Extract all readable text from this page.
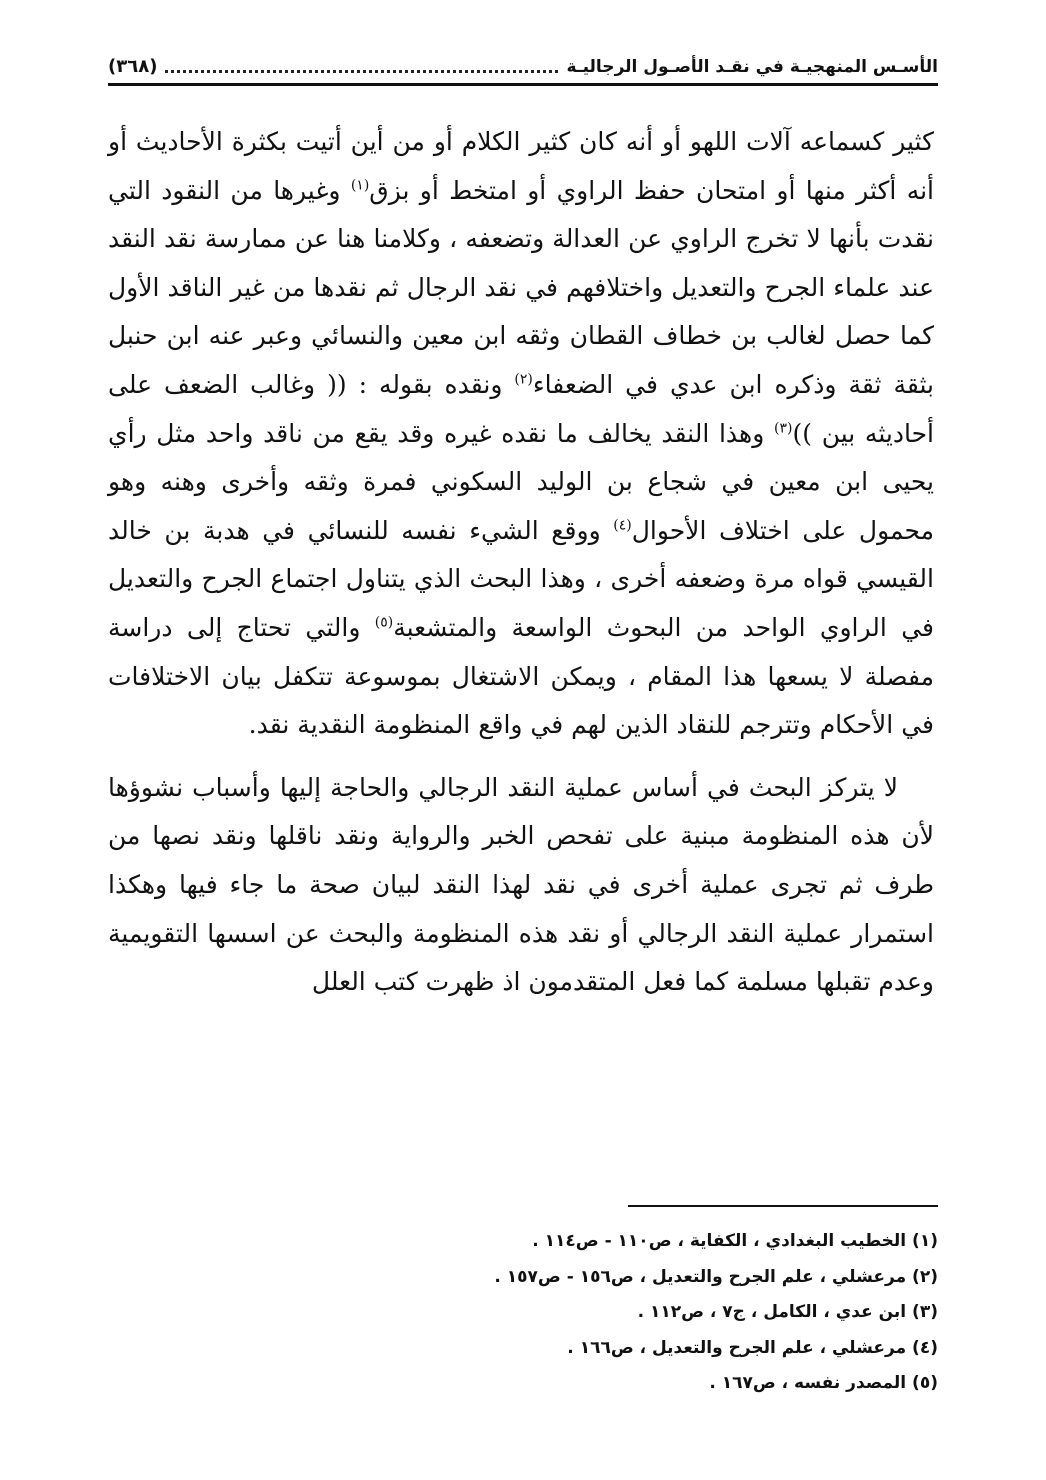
الأسـس المنهجيـة في نقـد الأصـول الرجاليـة
(٣٦٨)

كثير كسماعه آلات اللهو أو أنه كان كثير الكلام أو من أين أتيت بكثرة الأحاديث أو أنه أكثر منها أو امتحان حفظ الراوي أو امتخط أو بزق$^{(١)}$ وغيرها من النقود التي نقدت بأنها لا تخرج الراوي عن العدالة وتضعفه ، وكلامنا هنا عن ممارسة نقد النقد عند علماء الجرح والتعديل واختلافهم في نقد الرجال ثم نقدها من غير الناقد الأول كما حصل لغالب بن خطاف القطان وثقه ابن معين والنسائي وعبر عنه ابن حنبل بثقة ثقة وذكره ابن عدي في الضعفاء$^{(٢)}$ ونقده بقوله : (( وغالب الضعف على أحاديثه بين ))$^{(٣)}$ وهذا النقد يخالف ما نقده غيره وقد يقع من ناقد واحد مثل رأي يحيى ابن معين في شجاع بن الوليد السكوني فمرة وثقه وأخرى وهنه وهو محمول على اختلاف الأحوال$^{(٤)}$ ووقع الشيء نفسه للنسائي في هدبة بن خالد القيسي قواه مرة وضعفه أخرى ، وهذا البحث الذي يتناول اجتماع الجرح والتعديل في الراوي الواحد من البحوث الواسعة والمتشعبة$^{(٥)}$ والتي تحتاج إلى دراسة مفصلة لا يسعها هذا المقام ، ويمكن الاشتغال بموسوعة تتكفل بيان الاختلافات في الأحكام وتترجم للنقاد الذين لهم في واقع المنظومة النقدية نقد.

لا يتركز البحث في أساس عملية النقد الرجالي والحاجة إليها وأسباب نشوؤها لأن هذه المنظومة مبنية على تفحص الخبر والرواية ونقد ناقلها ونقد نصها من طرف ثم تجرى عملية أخرى في نقد لهذا النقد لبيان صحة ما جاء فيها وهكذا استمرار عملية النقد الرجالي أو نقد هذه المنظومة والبحث عن اسسها التقويمية وعدم تقبلها مسلمة كما فعل المتقدمون اذ ظهرت كتب العلل

(١) الخطيب البغدادي ، الكفاية ، ص١١٠ - ص١١٤ .

(٢) مرعشلي ، علم الجرح والتعديل ، ص١٥٦ - ص١٥٧ .

(٣) ابن عدي ، الكامل ، ج٧ ، ص١١٢ .

(٤) مرعشلي ، علم الجرح والتعديل ، ص١٦٦ .

(٥) المصدر نفسه ، ص١٦٧ .
